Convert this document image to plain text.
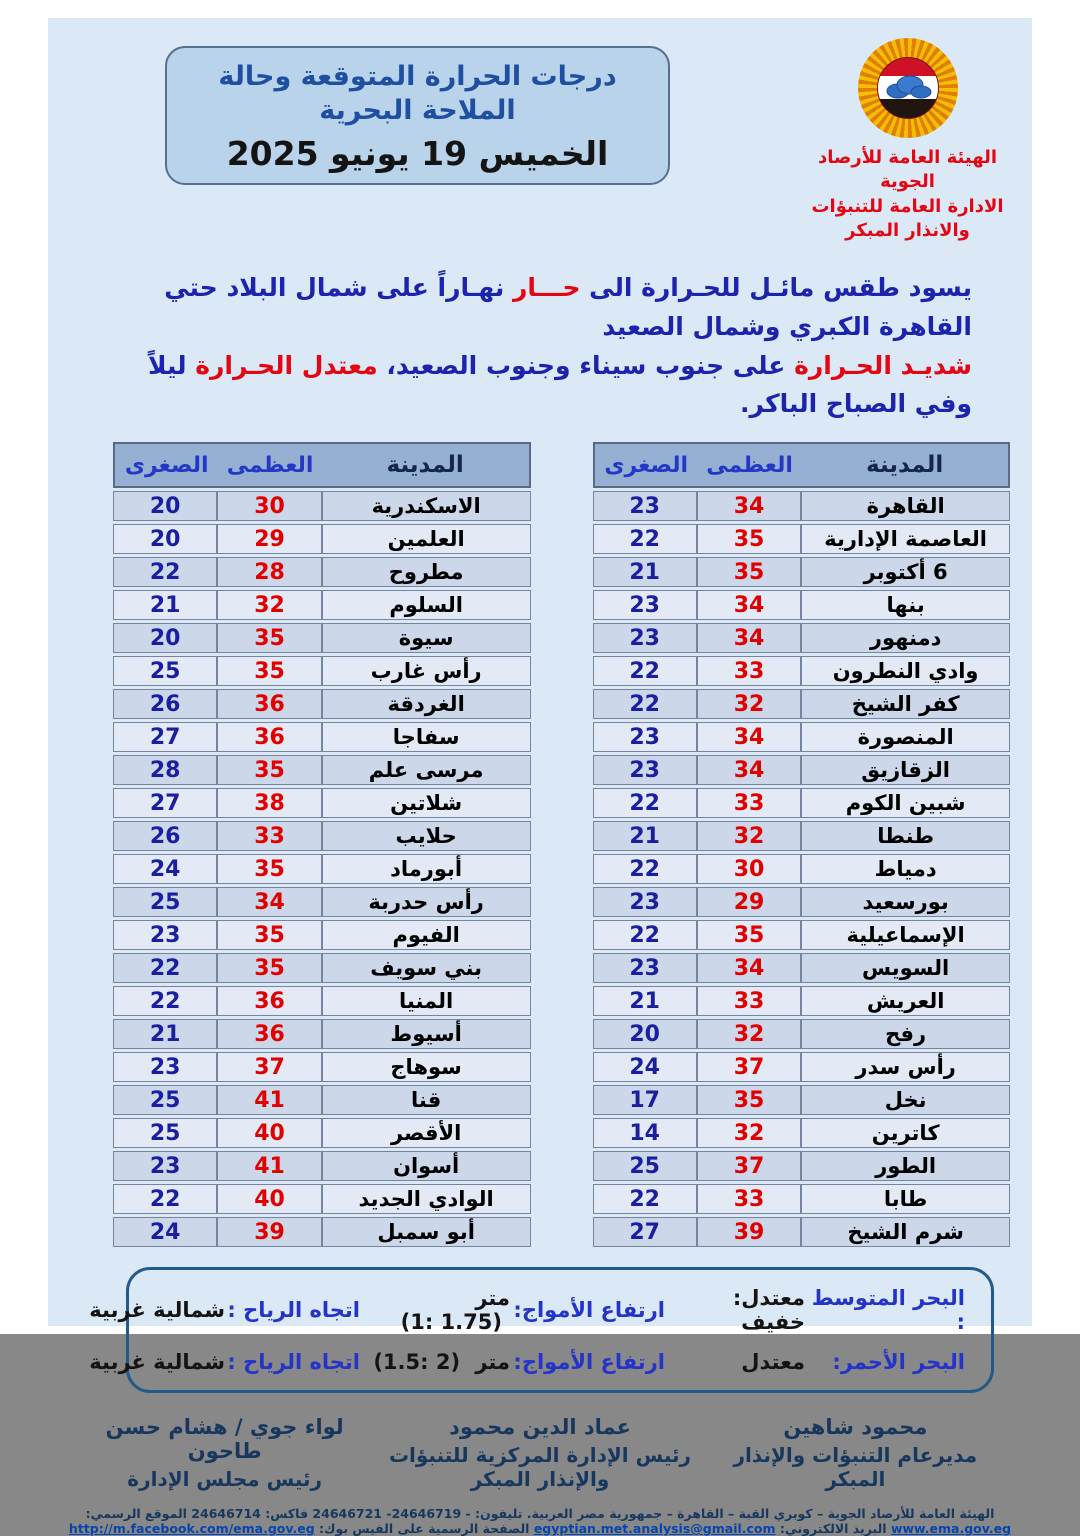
الهيئة العامة للأرصاد الجوية
الادارة العامة للتنبؤات والانذار المبكر
درجات الحرارة المتوقعة وحالة الملاحة البحرية
الخميس 19 يونيو 2025
يسود طقس مائـل للحـرارة الى حـــار نهـاراً على شمال البلاد حتي القاهرة الكبري وشمال الصعيد
شديـد الحـرارة على جنوب سيناء وجنوب الصعيد، معتدل الحـرارة ليلاً وفي الصباح الباكر.
المدينة
العظمى
الصغرى
القاهرة
34
23
العاصمة الإدارية
35
22
6 أكتوبر
35
21
بنها
34
23
دمنهور
34
23
وادي النطرون
33
22
كفر الشيخ
32
22
المنصورة
34
23
الزقازيق
34
23
شبين الكوم
33
22
طنطا
32
21
دمياط
30
22
بورسعيد
29
23
الإسماعيلية
35
22
السويس
34
23
العريش
33
21
رفح
32
20
رأس سدر
37
24
نخل
35
17
كاترين
32
14
الطور
37
25
طابا
33
22
شرم الشيخ
39
27
المدينة
العظمى
الصغرى
الاسكندرية
30
20
العلمين
29
20
مطروح
28
22
السلوم
32
21
سيوة
35
20
رأس غارب
35
25
الغردقة
36
26
سفاجا
36
27
مرسى علم
35
28
شلاتين
38
27
حلايب
33
26
أبورماد
35
24
رأس حدربة
34
25
الفيوم
35
23
بني سويف
35
22
المنيا
36
22
أسيوط
36
21
سوهاج
37
23
قنا
41
25
الأقصر
40
25
أسوان
41
23
الوادي الجديد
40
22
أبو سمبل
39
24
البحر المتوسط :
معتدل: خفيف
ارتفاع الأمواج:
متر (1: 1.75)
اتجاه الرياح :
شمالية غربية
البحر الأحمر:
معتدل
ارتفاع الأمواج:
متر (1.5: 2)
اتجاه الرياح :
شمالية غربية
محمود شاهين
مديرعام التنبؤات والإنذار المبكر
عماد الدين محمود
رئيس الإدارة المركزية للتنبؤات والإنذار المبكر
لواء جوي / هشام حسن طاحون
رئيس مجلس الإدارة
الهيئة العامة للأرصاد الجوية – كوبري القبة – القاهرة – جمهورية مصر العربية. تليفون: - 24646719- 24646721 فاكس: 24646714 الموقع الرسمي: www.ema.gov.eg البريد الالكتروني: egyptian.met.analysis@gmail.com الصفحة الرسمية على الفيس بوك: http://m.facebook.com/ema.gov.eg
